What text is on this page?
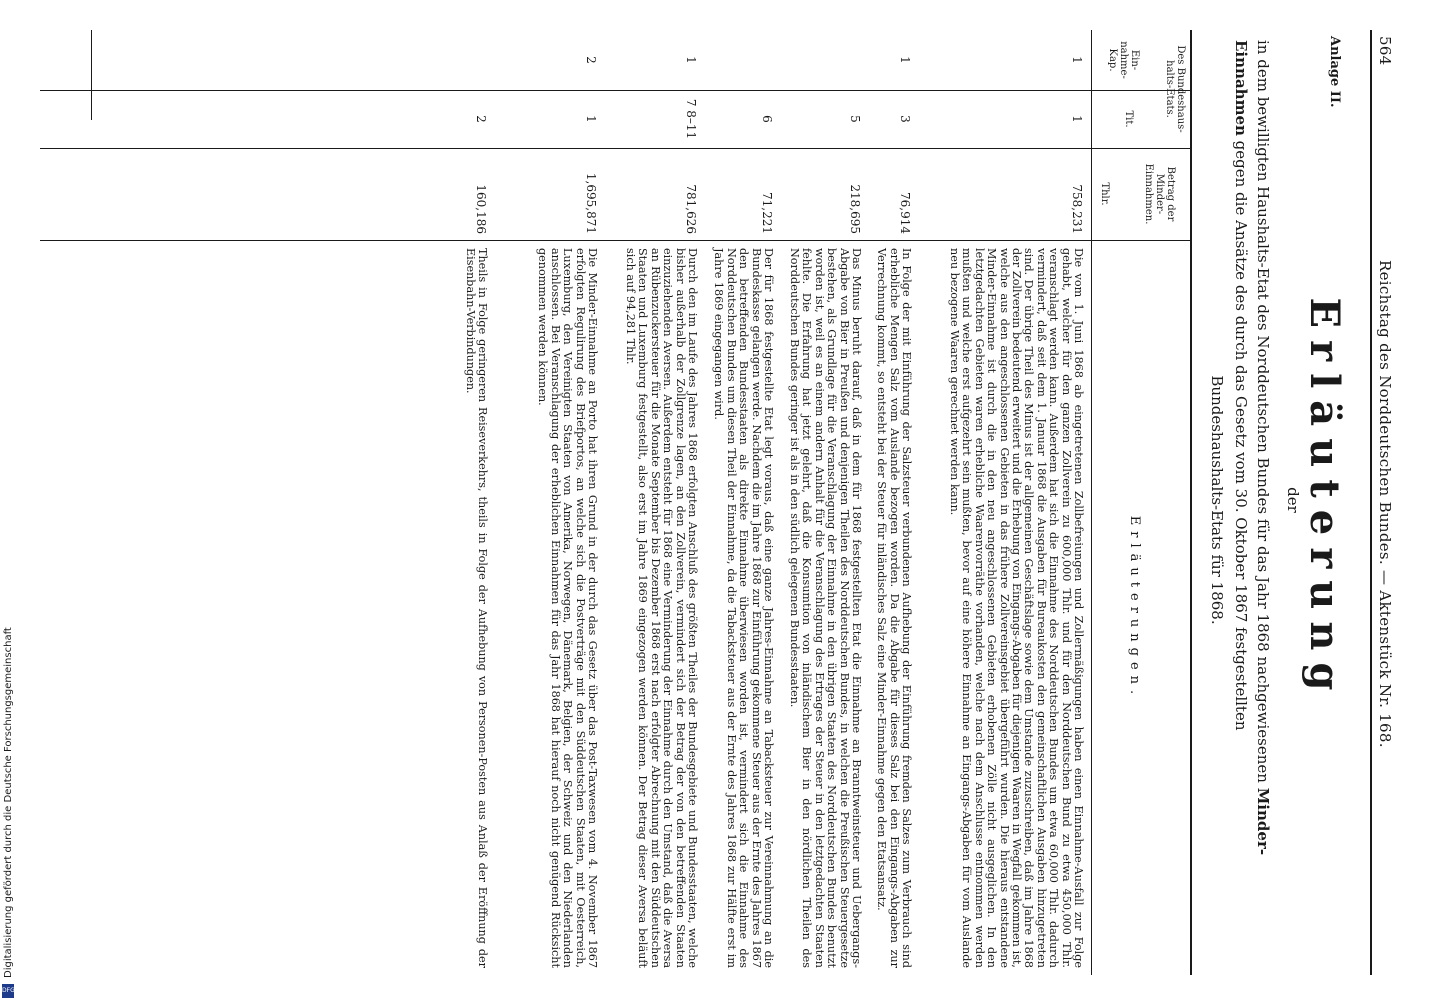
564
Reichstag des Norddeutschen Bundes. — Aktenstück Nr. 168.
Anlage II.
Erläuterung
der
in dem bewilligten Haushalts-Etat des Norddeutschen Bundes für das Jahr 1868 nachgewiesenen Minder-
Einnahmen gegen die Ansätze des durch das Gesetz vom 30. Oktober 1867 festgestellten
Bundeshaushalts-Etats für 1868.
Des Bundeshaus-halts-Etats.
Ein-nahme-Kap.
Tit.
Betrag der Minder-Einnahmen.
Thlr.
Erläuterungen.
1
1
758,231
Die vom 1. Juni 1868 ab eingetretenen Zollbefreiungen und Zollermäßigungen haben einen Einnahme-Ausfall zur Folge gehabt, welcher für den ganzen Zollverein zu 600,000 Thlr. und für den Norddeutschen Bund zu etwa 450,000 Thlr. veranschlagt werden kann. Außerdem hat sich die Einnahme des Norddeutschen Bundes um etwa 60,000 Thlr. dadurch vermindert, daß seit dem 1. Januar 1868 die Ausgaben für Bureaukosten den gemeinschaftlichen Ausgaben hinzugetreten sind. Der übrige Theil des Minus ist der allgemeinen Geschäftslage sowie dem Umstande zuzuschreiben, daß im Jahre 1868 der Zollverein bedeutend erweitert und die Erhebung von Eingangs-Abgaben für diejenigen Waaren in Wegfall gekommen ist, welche aus den angeschlossenen Gebieten in das frühere Zollvereinsgebiet übergeführt wurden. Die hieraus entstandene Minder-Einnahme ist durch die in den neu angeschlossenen Gebieten erhobenen Zölle nicht ausgeglichen. In den letztgedachten Gebieten waren erhebliche Waarenvorräthe vorhanden, welche nach dem Anschlusse entnommen werden mußten und welche erst aufgezehrt sein mußten, bevor auf eine höhere Einnahme an Eingangs-Abgaben für vom Auslande neu bezogene Waaren gerechnet werden kann.
1
3
76,914
In Folge der mit Einführung der Salzsteuer verbundenen Aufhebung der Einführung fremden Salzes zum Verbrauch sind erhebliche Mengen Salz vom Auslande bezogen worden. Da die Abgabe für dieses Salz bei den Eingangs-Abgaben zur Verrechnung kommt, so entsteht bei der Steuer für inländisches Salz eine Minder-Einnahme gegen den Etatsansatz.
5
218,695
Das Minus beruht darauf, daß in dem für 1868 festgestellten Etat die Einnahme an Branntweinsteuer und Uebergangs-Abgabe von Bier in Preußen und denjenigen Theilen des Norddeutschen Bundes, in welchen die Preußischen Steuergesetze bestehen, als Grundlage für die Veranschlagung der Einnahme in den übrigen Staaten des Norddeutschen Bundes benutzt worden ist, weil es an einem andern Anhalt für die Veranschlagung des Ertrages der Steuer in den letztgedachten Staaten fehlte. Die Erfahrung hat jetzt gelehrt, daß die Konsumtion von inländischem Bier in den nördlichen Theilen des Norddeutschen Bundes geringer ist als in den südlich gelegenen Bundesstaaten.
6
71,221
Der für 1868 festgestellte Etat legt voraus, daß eine ganze Jahres-Einnahme an Tabacksteuer zur Vereinnahmung an die Bundeskasse gelangen werde. Nachdem die im Jahre 1868 zur Einführung gekommene Steuer aus der Ernte des Jahres 1867 den betreffenden Bundesstaaten als direkte Einnahme überwiesen worden ist, vermindert sich die Einnahme des Norddeutschen Bundes um diesen Theil der Einnahme, da die Tabacksteuer aus der Ernte des Jahres 1868 zur Hälfte erst im Jahre 1869 eingegangen wird.
1
7 8–11
781,626
Durch den im Laufe des Jahres 1868 erfolgten Anschluß des größten Theiles der Bundesgebiete und Bundesstaaten, welche bisher außerhalb der Zollgrenze lagen, an den Zollverein, vermindert sich der Betrag der von den betreffenden Staaten einzuziehenden Aversen. Außerdem entsteht für 1868 eine Verminderung der Einnahme durch den Umstand, daß die Aversa an Rübenzuckersteuer für die Monate September bis Dezember 1868 erst nach erfolgter Abrechnung mit den Süddeutschen Staaten und Luxemburg festgestellt, also erst im Jahre 1869 eingezogen werden können. Der Betrag dieser Aversa beläuft sich auf 94,281 Thlr.
2
1
1,695,871
Die Minder-Einnahme an Porto hat ihren Grund in der durch das Gesetz über das Post-Taxwesen vom 4. November 1867 erfolgten Regulirung des Briefportos, an welche sich die Postverträge mit den Süddeutschen Staaten, mit Oesterreich, Luxemburg, den Vereinigten Staaten von Amerika, Norwegen, Dänemark, Belgien, der Schweiz und den Niederlanden anschlossen. Bei Veranschlagung der erheblichen Einnahmen für das Jahr 1868 hat hierauf noch nicht genügend Rücksicht genommen werden können.
2
160,186
Theils in Folge geringeren Reiseverkehrs, theils in Folge der Aufhebung von Personen-Posten aus Anlaß der Eröffnung der Eisenbahn-Verbindungen.
Digitalisierung gefördert durch die Deutsche Forschungsgemeinschaft
DFG
